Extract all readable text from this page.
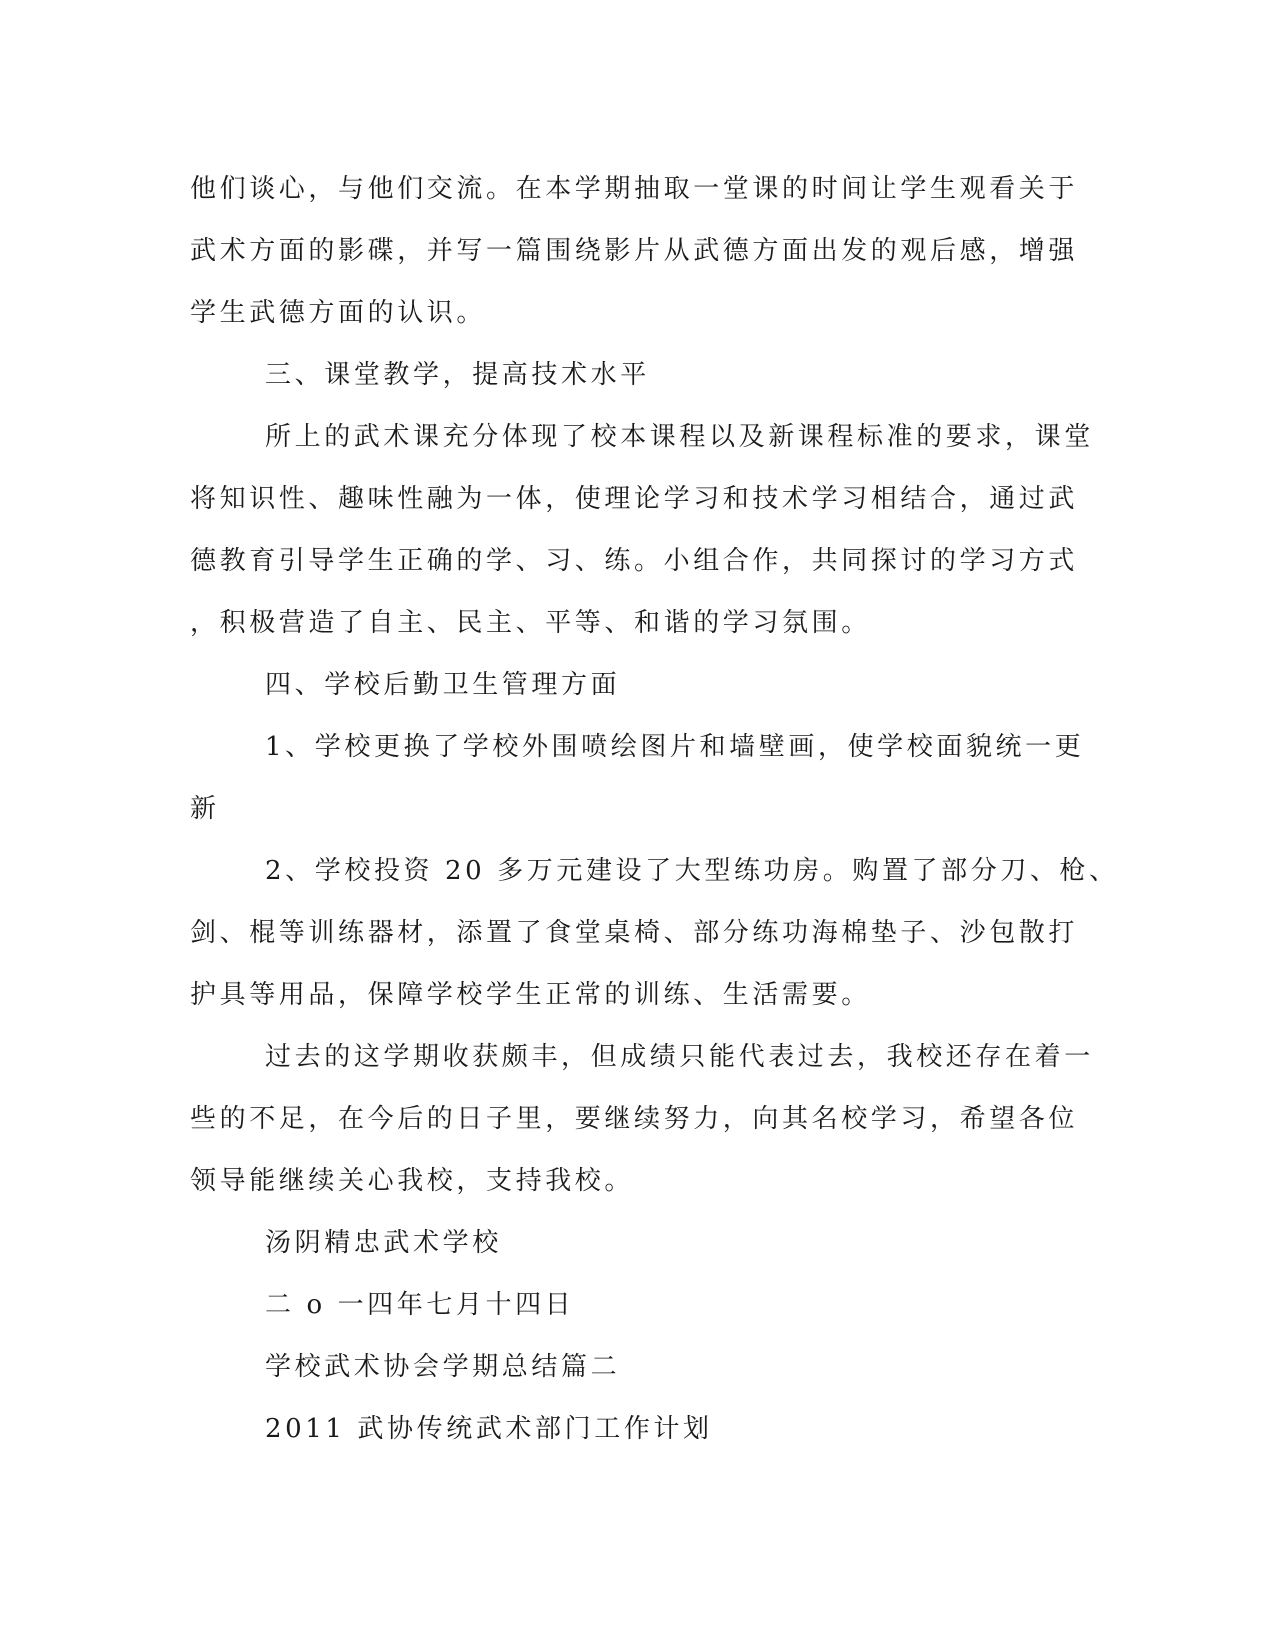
他们谈心，与他们交流。在本学期抽取一堂课的时间让学生观看关于

武术方面的影碟，并写一篇围绕影片从武德方面出发的观后感，增强

学生武德方面的认识。

三、课堂教学，提高技术水平

所上的武术课充分体现了校本课程以及新课程标准的要求，课堂

将知识性、趣味性融为一体，使理论学习和技术学习相结合，通过武

德教育引导学生正确的学、习、练。小组合作，共同探讨的学习方式

，积极营造了自主、民主、平等、和谐的学习氛围。

四、学校后勤卫生管理方面

1、学校更换了学校外围喷绘图片和墙壁画，使学校面貌统一更

新

2、学校投资 20 多万元建设了大型练功房。购置了部分刀、枪、

剑、棍等训练器材，添置了食堂桌椅、部分练功海棉垫子、沙包散打

护具等用品，保障学校学生正常的训练、生活需要。

过去的这学期收获颇丰，但成绩只能代表过去，我校还存在着一

些的不足，在今后的日子里，要继续努力，向其名校学习，希望各位

领导能继续关心我校，支持我校。

汤阴精忠武术学校

二 o 一四年七月十四日

学校武术协会学期总结篇二

2011 武协传统武术部门工作计划
